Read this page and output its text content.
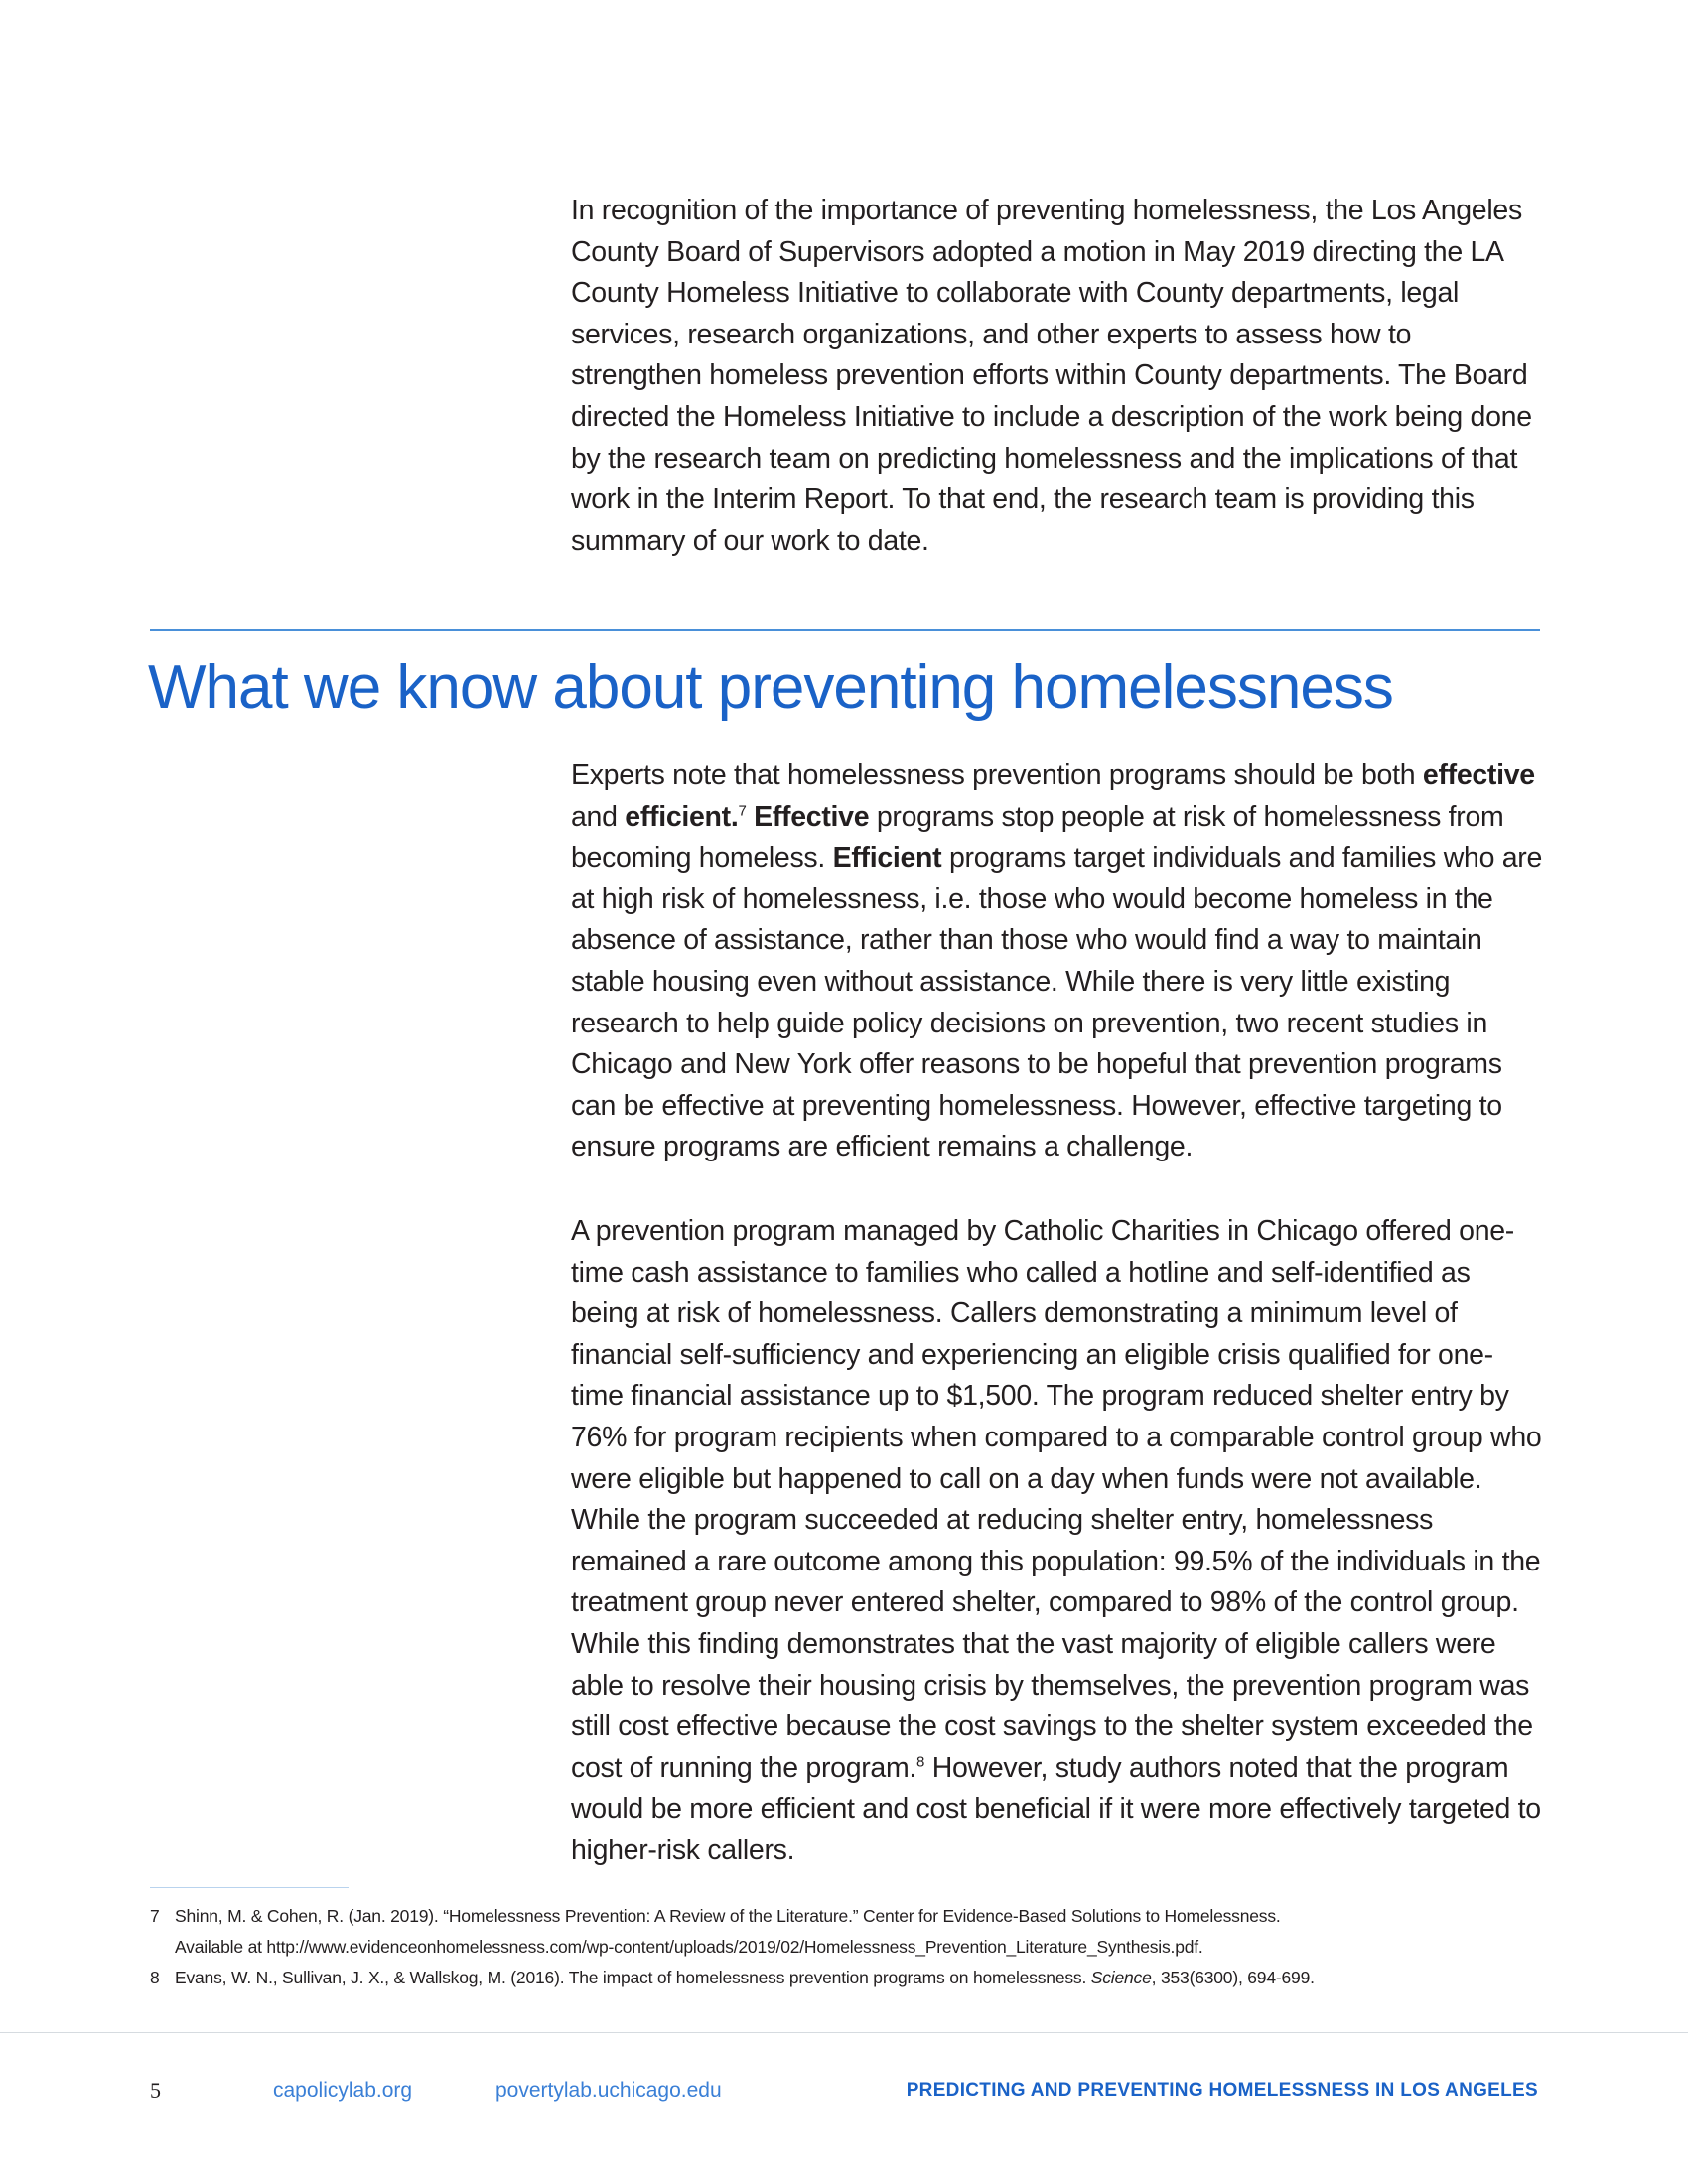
In recognition of the importance of preventing homelessness, the Los Angeles County Board of Supervisors adopted a motion in May 2019 directing the LA County Homeless Initiative to collaborate with County departments, legal services, research organizations, and other experts to assess how to strengthen homeless prevention efforts within County departments. The Board directed the Homeless Initiative to include a description of the work being done by the research team on predicting homelessness and the implications of that work in the Interim Report. To that end, the research team is providing this summary of our work to date.

What we know about preventing homelessness

Experts note that homelessness prevention programs should be both effective and efficient.$^7$ Effective programs stop people at risk of homelessness from becoming homeless. Efficient programs target individuals and families who are at high risk of homelessness, i.e. those who would become homeless in the absence of assistance, rather than those who would find a way to maintain stable housing even without assistance. While there is very little existing research to help guide policy decisions on prevention, two recent studies in Chicago and New York offer reasons to be hopeful that prevention programs can be effective at preventing homelessness. However, effective targeting to ensure programs are efficient remains a challenge.

A prevention program managed by Catholic Charities in Chicago offered one-time cash assistance to families who called a hotline and self-identified as being at risk of homelessness. Callers demonstrating a minimum level of financial self-sufficiency and experiencing an eligible crisis qualified for one-time financial assistance up to $1,500. The program reduced shelter entry by 76% for program recipients when compared to a comparable control group who were eligible but happened to call on a day when funds were not available. While the program succeeded at reducing shelter entry, homelessness remained a rare outcome among this population: 99.5% of the individuals in the treatment group never entered shelter, compared to 98% of the control group. While this finding demonstrates that the vast majority of eligible callers were able to resolve their housing crisis by themselves, the prevention program was still cost effective because the cost savings to the shelter system exceeded the cost of running the program.$^8$ However, study authors noted that the program would be more efficient and cost beneficial if it were more effectively targeted to higher-risk callers.

7 Shinn, M. & Cohen, R. (Jan. 2019). “Homelessness Prevention: A Review of the Literature.” Center for Evidence-Based Solutions to Homelessness.
Available at http://www.evidenceonhomelessness.com/wp-content/uploads/2019/02/Homelessness_Prevention_Literature_Synthesis.pdf.
8 Evans, W. N., Sullivan, J. X., & Wallskog, M. (2016). The impact of homelessness prevention programs on homelessness. Science, 353(6300), 694-699.
5	capolicylab.org	povertylab.uchicago.edu	PREDICTING AND PREVENTING HOMELESSNESS IN LOS ANGELES
